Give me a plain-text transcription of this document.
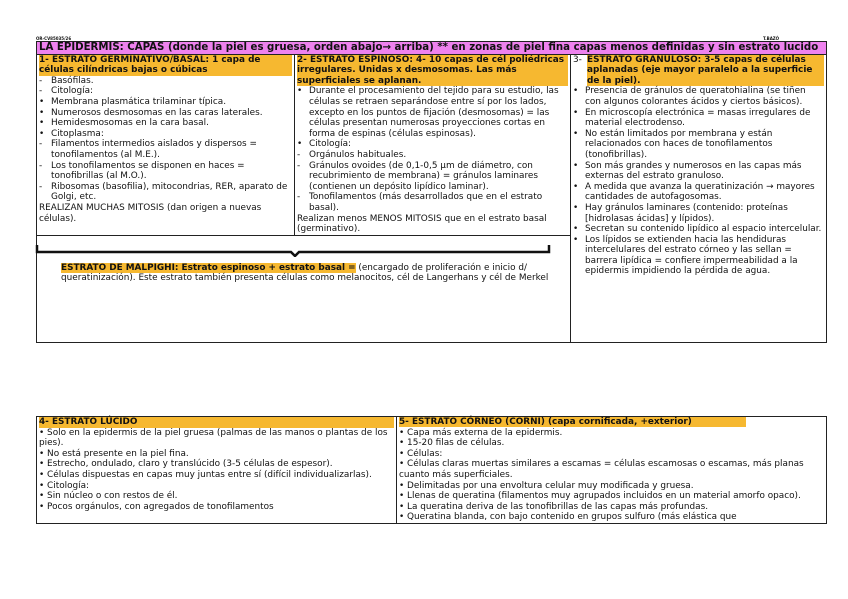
OR-CV85035/26	T.BAZÓ
LA EPIDERMIS: CAPAS (donde la piel es gruesa, orden abajo→ arriba) ** en zonas de piel fina capas menos definidas y sin estrato lucido

1- ESTRATO GERMINATIVO/BASAL: 1 capa de células cilíndricas bajas o cúbicas
- Basófilas.
- Citología:
• Membrana plasmática trilaminar típica.
• Numerosos desmosomas en las caras laterales.
• Hemidesmosomas en la cara basal.
• Citoplasma:
- Filamentos intermedios aislados y dispersos = tonofilamentos (al M.E.).
- Los tonofilamentos se disponen en haces = tonofibrillas (al M.O.).
- Ribosomas (basofilia), mitocondrias, RER, aparato de Golgi, etc.

REALIZAN MUCHAS MITOSIS (dan origen a nuevas células).

2- ESTRATO ESPINOSO: 4- 10 capas de cél poliédricas irregulares. Unidas x desmosomas. Las más superficiales se aplanan.
• Durante el procesamiento del tejido para su estudio, las células se retraen separándose entre sí por los lados, excepto en los puntos de fijación (desmosomas) = las células presentan numerosas proyecciones cortas en forma de espinas (células espinosas).
• Citología:
- Orgánulos habituales.
- Gránulos ovoides (de 0,1-0,5 µm de diámetro, con recubrimiento de membrana) = gránulos laminares (contienen un depósito lipídico laminar).
- Tonofilamentos (más desarrollados que en el estrato basal).

Realizan menos MENOS MITOSIS que en el estrato basal (germinativo).

3- ESTRATO GRANULOSO: 3-5 capas de células aplanadas (eje mayor paralelo a la superficie de la piel).
• Presencia de gránulos de queratohialina (se tiñen con algunos colorantes ácidos y ciertos básicos).
• En microscopía electrónica = masas irregulares de material electrodenso.
• No están limitados por membrana y están relacionados con haces de tonofilamentos (tonofibrillas).
• Son más grandes y numerosos en las capas más externas del estrato granuloso.
• A medida que avanza la queratinización → mayores cantidades de autofagosomas.
• Hay gránulos laminares (contenido: proteínas [hidrolasas ácidas] y lípidos).
• Secretan su contenido lipídico al espacio intercelular.
• Los lípidos se extienden hacia las hendiduras intercelulares del estrato córneo y las sellan = barrera lipídica = confiere impermeabilidad a la epidermis impidiendo la pérdida de agua.

ESTRATO DE MALPIGHI: Estrato espinoso + estrato basal = (encargado de proliferación e inicio d/ queratinización). Este estrato también presenta células como melanocitos, cél de Langerhans y cél de Merkel
4- ESTRATO LÚCIDO
• Solo en la epidermis de la piel gruesa (palmas de las manos o plantas de los pies).
• No está presente en la piel fina.
• Estrecho, ondulado, claro y translúcido (3-5 células de espesor).
• Células dispuestas en capas muy juntas entre sí (difícil individualizarlas).
• Citología:
• Sin núcleo o con restos de él.
• Pocos orgánulos, con agregados de tonofilamentos

5- ESTRATO CÓRNEO (CORNI) (capa cornificada, +exterior)
• Capa más externa de la epidermis.
• 15-20 filas de células.
• Células:
• Células claras muertas similares a escamas = células escamosas o escamas, más planas cuanto más superficiales.
• Delimitadas por una envoltura celular muy modificada y gruesa.
• Llenas de queratina (filamentos muy agrupados incluidos en un material amorfo opaco).
• La queratina deriva de las tonofibrillas de las capas más profundas.
• Queratina blanda, con bajo contenido en grupos sulfuro (más elástica que
